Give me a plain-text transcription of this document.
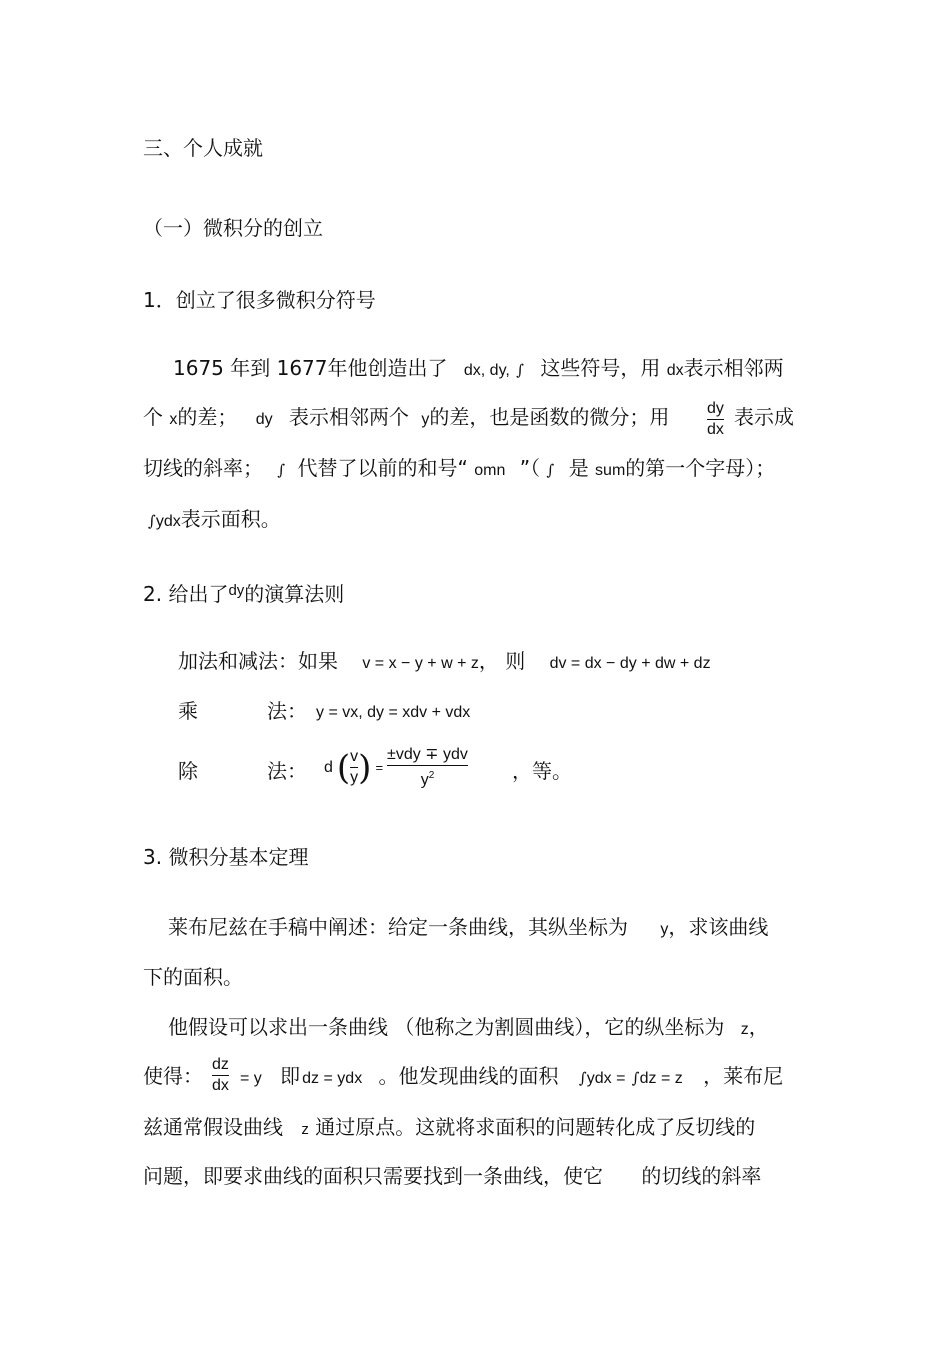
三、个人成就
（一）微积分的创立
1．创立了很多微积分符号
1675 年到 1677年他创造出了 dx, dy, ∫ 这些符号，用 dx表示相邻两
个 x的差； dy 表示相邻两个 y的差，也是函数的微分；用 dy
dx
表示成
切线的斜率； ∫ 代替了以前的和号“ omn ”（ ∫ 是 sum的第一个字母）；
∫ydx表示面积。
2. 给出了dy的演算法则
加法和减法：如果 v = x − y + w + z， 则 dv = dx − dy + dw + dz
乘	法： y = vx, dy = xdv + vdx
除	法： d ( $\frac{v}{y}$ ) = $\frac{\text{±vdy ∓ ydv}}{y^2}$ ，等。
3. 微积分基本定理
莱布尼兹在手稿中阐述：给定一条曲线，其纵坐标为 y，求该曲线
下的面积。
他假设可以求出一条曲线 （他称之为割圆曲线），它的纵坐标为 z，
使得： dz
dx = y 即 dz = ydx 。他发现曲线的面积 ∫ydx = ∫dz = z ，莱布尼
兹通常假设曲线 z 通过原点。这就将求面积的问题转化成了反切线的
问题，即要求曲线的面积只需要找到一条曲线，使它 的切线的斜率
